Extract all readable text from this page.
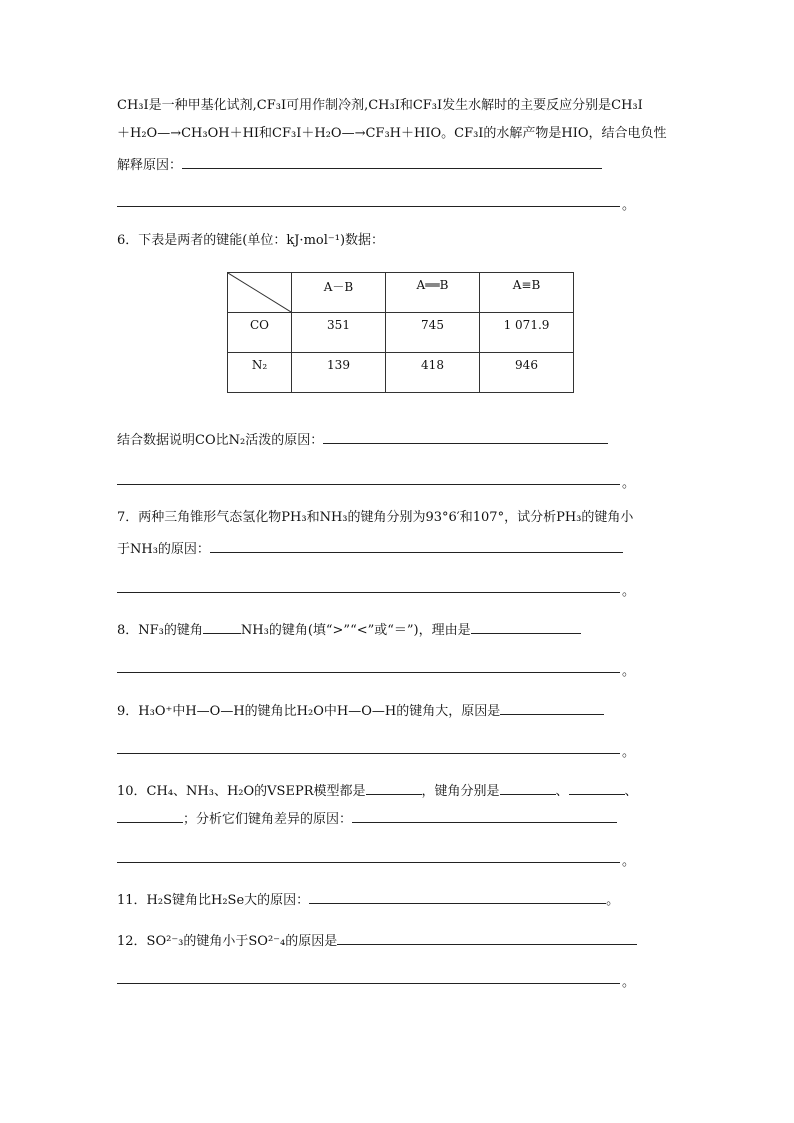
CH₃I是一种甲基化试剂,CF₃I可用作制冷剂,CH₃I和CF₃I发生水解时的主要反应分别是CH₃I
＋H₂O—→CH₃OH＋HI和CF₃I＋H₂O—→CF₃H＋HIO。CF₃I的水解产物是HIO，结合电负性
解释原因：
。
6．下表是两者的键能(单位：kJ·mol⁻¹)数据：
	A－B	A══B	A≡B
CO	351	745	1 071.9
N₂	139	418	946
结合数据说明CO比N₂活泼的原因：
。
7．两种三角锥形气态氢化物PH₃和NH₃的键角分别为93°6′和107°，试分析PH₃的键角小
于NH₃的原因：
。
8．NF₃的键角	NH₃的键角(填“>”“<”或“＝”)，理由是
。
9．H₃O⁺中H—O—H的键角比H₂O中H—O—H的键角大，原因是
。
10．CH₄、NH₃、H₂O的VSEPR模型都是	，键角分别是	、	、
；分析它们键角差异的原因：
。
11．H₂S键角比H₂Se大的原因：	。
12．SO²⁻₃的键角小于SO²⁻₄的原因是
。
